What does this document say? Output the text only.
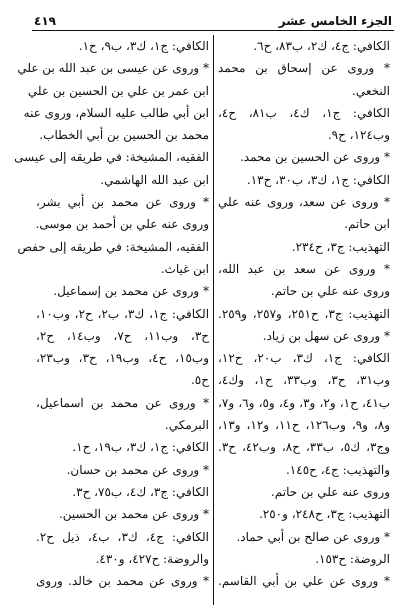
الجزء الخامس عشر
٤١٩
الكافي: ج٤، ك٢، ب٨٣، ح٦.
* وروى عن إسحاق بن محمد
النخعي.
الكافي: ج١، ك٤، ب٨١، ح٤،
وب١٢٤، ح٩.
* وروى عن الحسين بن محمد.
الكافي: ج١، ك٣، ب٣٠، ح١٣.
* وروى عن سعد، وروى عنه علي
ابن حاتم.
التهذيب: ج٣، ح٢٣٤.
* وروى عن سعد بن عبد الله،
وروى عنه علي بن حاتم.
التهذيب: ج٣، ح٢٥١، و٢٥٧، و٢٥٩.
* وروى عن سهل بن زياد.
الكافي: ج١، ك٣، ب٢٠، ح١٢،
وب٣١، ح٣، وب٣٣، ح١، وك٤،
ب٤١، ح١، و٢، و٣، و٤، و٥، و٦، و٧،
و٨، و٩، وب١٢٦، ح١١، و١٢، و١٣،
وج٣، ك٥، ب٣٣، ح٨، وب٤٢، ح٣.
والتهذيب: ج٤، ح١٤٥.
وروى عنه علي بن حاتم.
التهذيب: ج٣، ح٢٤٨، و٢٥٠.
* وروى عن صالح بن أبي حماد.
الروضة: ح١٥٣.
* وروى عن علي بن أبي القاسم.
الكافي: ج١، ك٣، ب٩، ح١.
* وروى عن عيسى بن عبد الله بن علي
ابن عمر بن علي بن الحسين بن علي
ابن أبي طالب عليه السلام، وروى عنه
محمد بن الحسين بن أبي الخطاب.
الفقيه، المشيخة: في طريقه إلى عيسى
ابن عبد الله الهاشمي.
* وروى عن محمد بن أبي بشر،
وروى عنه علي بن أحمد بن موسى.
الفقيه، المشيخة: في طريقه إلى حفص
ابن غياث.
* وروى عن محمد بن إسماعيل.
الكافي: ج١، ك٣، ب٢، ح٢، وب١٠،
ح٣، وب١١، ح٧، وب١٤، ح٢،
وب١٥، ح٤، وب١٩، ح٣، وب٢٣،
ح٥.
* وروى عن محمد بن اسماعيل،
البرمكي.
الكافي: ج١، ك٣، ب١٩، ح١.
* وروى عن محمد بن حسان.
الكافي: ج٣، ك٤، ب٧٥، ح٣.
* وروى عن محمد بن الحسين.
الكافي: ج٤، ك٣، ب٤، ذيل ح٢.
والروضة: ح٤٢٧، و٤٣٠.
* وروى عن محمد بن خالد. وروى
